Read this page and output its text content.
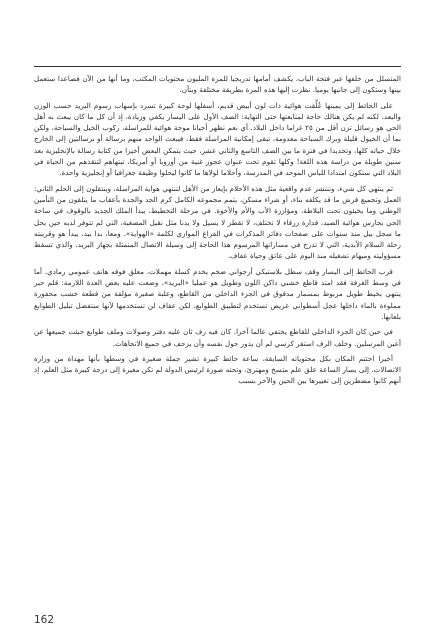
المتسلل من خلفها عبر فتحة الباب، يكشف أمامها تدريجيا للمرة المليون محتويات المكتب، وما أنها من الآن فصاعدا ستعمل بينها وستكون إلى جانبها يوميا. نظرت إليها هذه المرة بطريقة مختلفة وبتأن.

على الحائط إلى يمينها عُلِّقت هوائية ذات لون أبيض قديم، أسفلها لوحة كبيرة تسرد بإسهاب رسوم البريد حسب الوزن والبعد، لكنه لم يكن هنالك حاجة لمتابعتها حتى النهاية: الصف الأول على اليسار يكفي وزيادة، إذ أن كل ما كان يبعث به أهل الحي هو رسائل تزن أقل من ٢٥ غراما داخل البلاد. أي نعم تظهر أحيانا موجة هوائية للمراسلة، ركوب الخيل والسياحة، ولكن بما أن الخيول قليلة وبرك السباحة معدومة، تبقى إمكانية المراسلة فقط، فيبعث الواحد منهم برسالة أو برسالتين إلى الخارج خلال حياته كلها، وتحديدا في فترة ما بين الصف التاسع والثاني عشر، حيث يتمكن البعض أخيرا من كتابة رسالة بالإنجليزية بعد سنين طويلة من دراسة هذه اللغة! وكلها تقوم تحت عنوان عجوز غنية من أوروبا أو أمريكا، تبتهاهم لتنقذهم من الحياة في البلاد التي ستكون امتدادا للباس الموحد في المدرسة، وأحلاما لولاها ما كانوا ليحلوا وظيفة جغرافيا أو إنجليزية واحدة.

ثم ينتهي كل شيء، وتنتشر عدم واقعية مثل هذه الأحلام بإيعاز من الأهل لتنتهي هواية المراسلة، وينتقلون إلى الحلم الثاني: العمل وتجميع قرش ما قد يكلفه بناء، أو شراء مسكن، يتمم مجموعه الكامل كرم الجد والجدة بأعقاب ما يتلقون من التأمين الوطني وما يخبئون تحت البلاطة، ومؤازرة الأب والأم والأخوة. في مرحلة التخطيط، يبدأ الملك الجديد بالوقوف في ساحة الحي بحارس هوائية الصيد، فدارة زرقاء لا تختلف، لا تقطر لا يسيل ولا يدنا مثل نقيل المصغية، التي لم تتوفر لديه حين يحل ما سجل بيل منذ سنوات على صفحات دفاتر المذكرات في الفراغ الموازي لكلمة «الهواية». ومعا، بدا بيد، يبدأ هو وقرينته رحلة السلام الأبدية، التي لا تدرج في مساراتها المرسوم هذا الحاجة إلى وسيلة الاتصال المتمثلة بجهاز البريد، والذي تسقط مسؤوليته وميهام تشغيله منذ اليوم على عاتق وحياة عفاف.

قرب الحائط إلى اليسار وقف سطل بلاستيكي أرجواني ضخم يخدم كسلة مهملات، معلق فوقه هاتف عمومي رمادي. أما في وسط الغرفة فقد امتد قاطع خشبي داكن اللون وطويل هو عمليا «البريد»، وضعت عليه بعض العدة اللازمة: قلم حبر ينتهي بخيط طويل مربوط بمسمار مدقوق في الجزء الداخلي من القاطع، وعلبة صغيرة مؤلفة من قطعة خشب محفورة مملوءة بالماء داخلها عجل أسطواني عريض تستخدم لتطبيق الطوابع، لكن عفاف لن تستخدمها لأنها ستفضل تبليل الطوابع بلعابها.

في حين كان الجزء الداخلي للقاطع يختفي عالما آخرا. كان فيه رف ثان عليه دفتر وصولات وملف طوابع خبئت جميعها عن أعين المرسلين. وخلف الرف استقر كرسي لم أن يدور حول نفسه وأن يزحف في جميع الاتجاهات.

أخيرا اختتم المكان بكل محتوياته السابقة، ساعة حائط كبيرة تشير جملة صغيرة في وسطها بأنها مهداة من وزارة الاتصالات. إلى يسار الساعة علق علم متسخ ومهترئ، وتحته صورة لرئيس الدولة لم تكن مغيرة إلى درجة كبيرة مثل العلم، إذ أنهم كانوا مضطرين إلى تغييرها بين الحين والآخر بسبب

162
